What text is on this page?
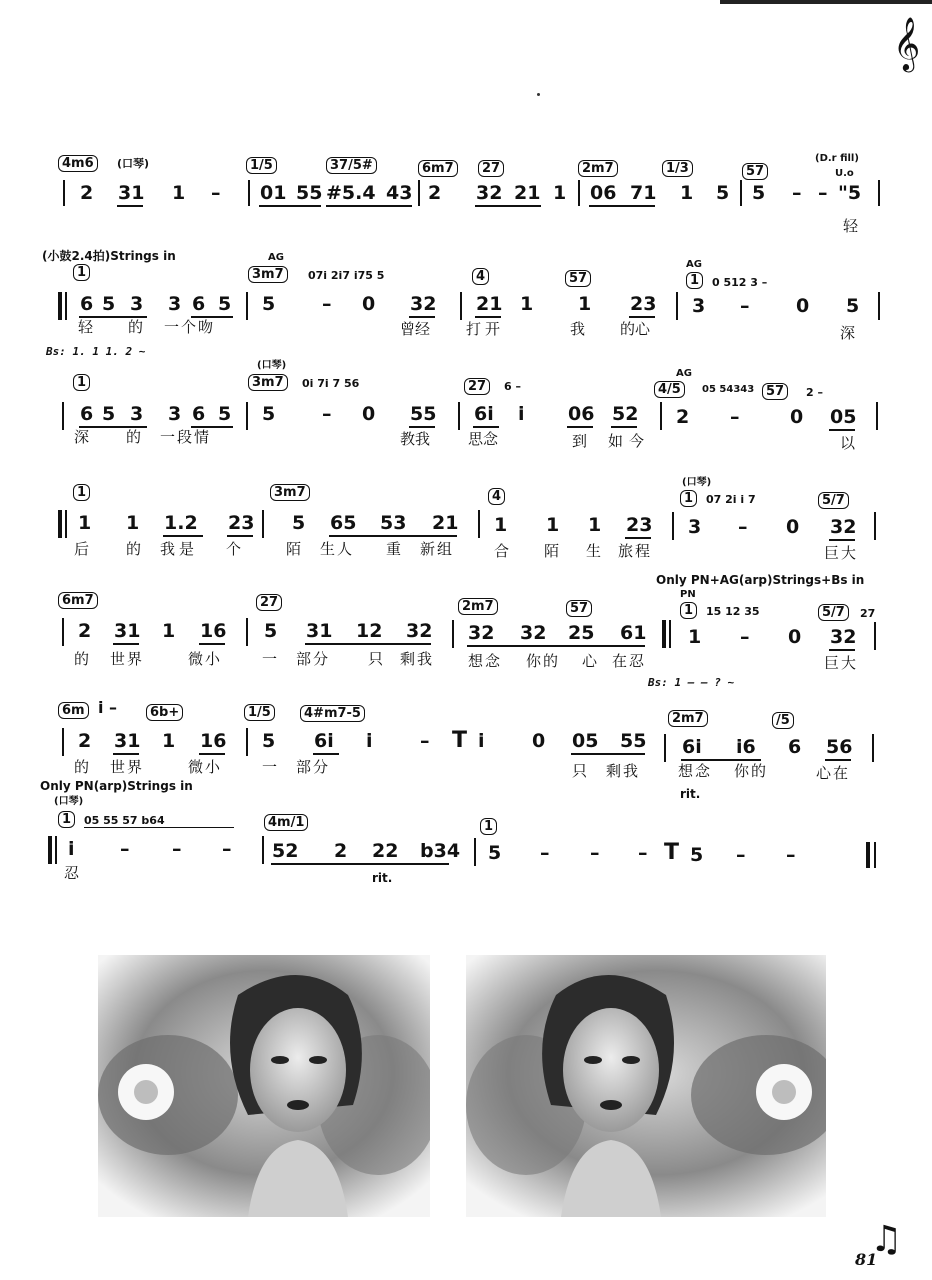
𝄞
4m6	(口琴)	1/5	37/5#	6m7	27	2m7	1/3	57
(D.r fill)
U.o
2 31 1 – 01 55 #5.4 43 2 32 21 1 06 71 1 5 5 – – "5
轻
(小鼓2.4拍)Strings in
1
AG
3m7	07i 2i7 i75 5	4	57
AG
1	0 512 3 –
6 5 3 3 6 5 5 – 0 32 21 1 1 23 3 – 0 5
轻 的 一个吻	曾经 打开	我 的心	深
Bs: 1. 1 1. 2 ~
(口琴)
1	3m7	0i 7i 7 56	27	6 –
AG
4/5	05 54343 57	2 –
6 5 3 3 6 5 5 – 0 55 6i i 06 52 2 –	0 05
深 的 一段情	教我	思念	到 如今	以
1	3m7	4
(口琴)
1	07 2i i 7	5/7
1 1 1.2 23 5 65 53 21 1 1 1 23 3 – 0 32
后 的 我是 个	陌 生人 重 新组	合 陌 生 旅程	巨大
Only PN+AG(arp)Strings+Bs in
6m7	27	2m7	57
PN
1	15 12 35	5/7	27
2 31 1 16 5 31 12 32 32 32 25 61 1 – 0 32
的 世界	微小	一 部分	只 剩我 想念 你的 心 在忍	巨大
Bs: 1 – – ? ~
6m i –	6b+	1/5	4#m7-5	2m7	/5
2 31 1 16 5 6i i – T i 0 05 55 6i i6 6 56
的 世界	微小	一 部分	只 剩我	想念 你的	心在
rit.
Only PN(arp)Strings in
(口琴)
1	05 55 57 b64	4m/1	1
i – – – 52 2 22 b34 5 – – – T 5 – –
忍	rit.
♫
81
